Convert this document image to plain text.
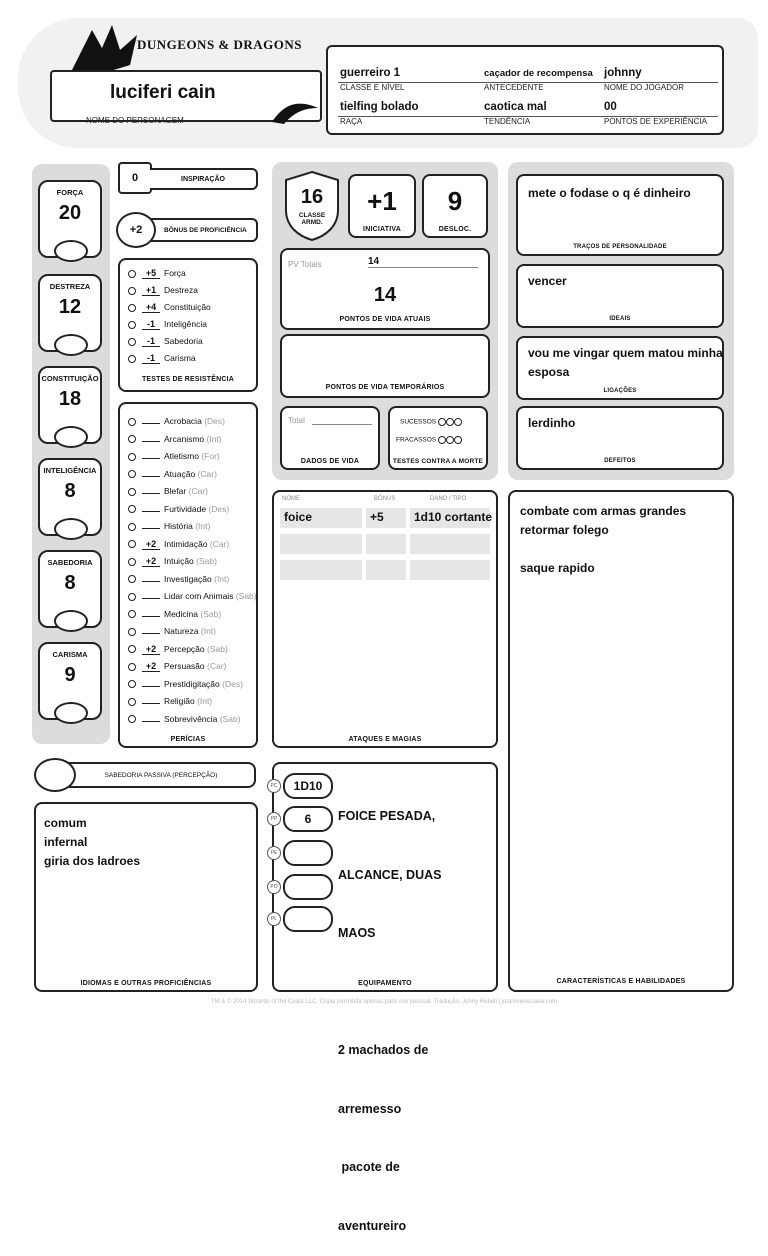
DUNGEONS & DRAGONS
luciferi cain
NOME DO PERSONAGEM
guerreiro 1
CLASSE E NÍVEL
caçador de recompensa
ANTECEDENTE
johnny
NOME DO JOGADOR
tielfing bolado
RAÇA
caotica mal
TENDÊNCIA
00
PONTOS DE EXPERIÊNCIA
FORÇA
20
DESTREZA
12
CONSTITUIÇÃO
18
INTELIGÊNCIA
8
SABEDORIA
8
CARISMA
9
0	INSPIRAÇÃO
+2	BÔNUS DE PROFICIÊNCIA
+5 Força
+1 Destreza
+4 Constituição
-1 Inteligência
-1 Sabedoria
-1 Carisma
TESTES DE RESISTÊNCIA
Acrobacia (Des)
Arcanismo (Int)
Atletismo (For)
Atuação (Car)
Blefar (Car)
Furtividade (Des)
História (Int)
+2 Intimidação (Car)
+2 Intuição (Sab)
Investigação (Int)
Lidar com Animais (Sab)
Medicina (Sab)
Natureza (Int)
+2 Percepção (Sab)
+2 Persuasão (Car)
Prestidigitação (Des)
Religião (Int)
Sobrevivência (Sab)
PERÍCIAS
16
CLASSE ARMD.
+1
INICIATIVA
9
DESLOC.
PV Totais	14
14
PONTOS DE VIDA ATUAIS
PONTOS DE VIDA TEMPORÁRIOS
Total
DADOS DE VIDA
SUCESSOS
FRACASSOS
TESTES CONTRA A MORTE
mete o fodase o q é dinheiro
TRAÇOS DE PERSONALIDADE
vencer
IDEAIS
vou me vingar quem matou minha esposa
LIGAÇÕES
lerdinho
DEFEITOS
NOME	BÔNUS	DANO / TIPO
foice	+5	1d10 cortante
ATAQUES E MAGIAS
combate com armas grandes
retormar folego
saque rapido
CARACTERÍSTICAS E HABILIDADES
SABEDORIA PASSIVA (PERCEPÇÃO)
comum
infernal
giria dos ladroes
IDIOMAS E OUTRAS PROFICIÊNCIAS	EQUIPAMENTO
PC	1D10
PP	6
PE
PO
PL

FOICE PESADA,

ALCANCE, DUAS

MAOS

2 machados de

arremesso

pacote de

aventureiro

TM & © 2014 Wizards of the Coast LLC. Cópia permitida apenas para uso pessoal. Tradução: Johny Rebell | jotarevenezuela.com
